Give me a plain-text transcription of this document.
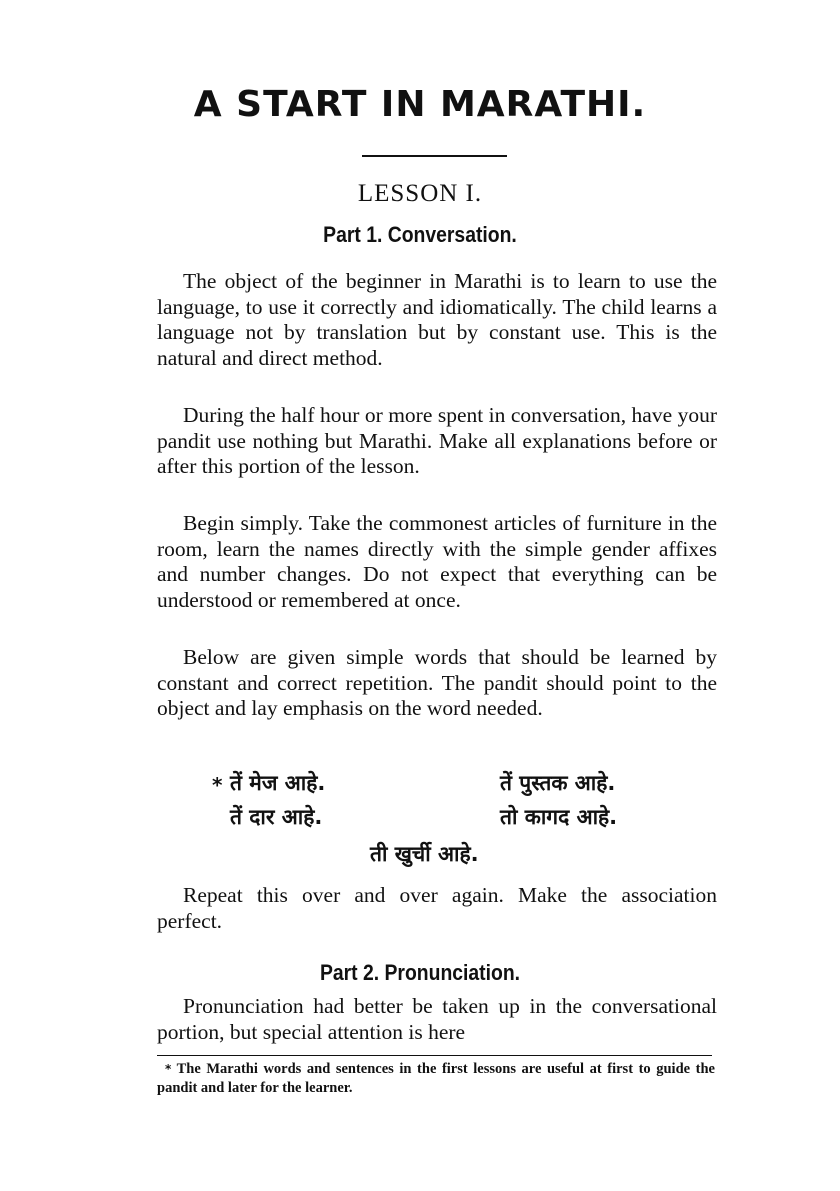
A START IN MARATHI.
LESSON I.
Part 1. Conversation.

The object of the beginner in Marathi is to learn to use the language, to use it correctly and idiomatically. The child learns a language not by translation but by constant use. This is the natural and direct method.

During the half hour or more spent in conversation, have your pandit use nothing but Marathi. Make all explanations before or after this portion of the lesson.

Begin simply. Take the commonest articles of furniture in the room, learn the names directly with the simple gender affixes and number changes. Do not expect that everything can be understood or remembered at once.

Below are given simple words that should be learned by constant and correct repetition. The pandit should point to the object and lay emphasis on the word needed.

* तें मेज आहे.	तें पुस्तक आहे.
तें दार आहे.	तो कागद आहे.
ती खुर्ची आहे.

Repeat this over and over again. Make the association perfect.

Part 2. Pronunciation.

Pronunciation had better be taken up in the conversational portion, but special attention is here

* The Marathi words and sentences in the first lessons are useful at first to guide the pandit and later for the learner.
